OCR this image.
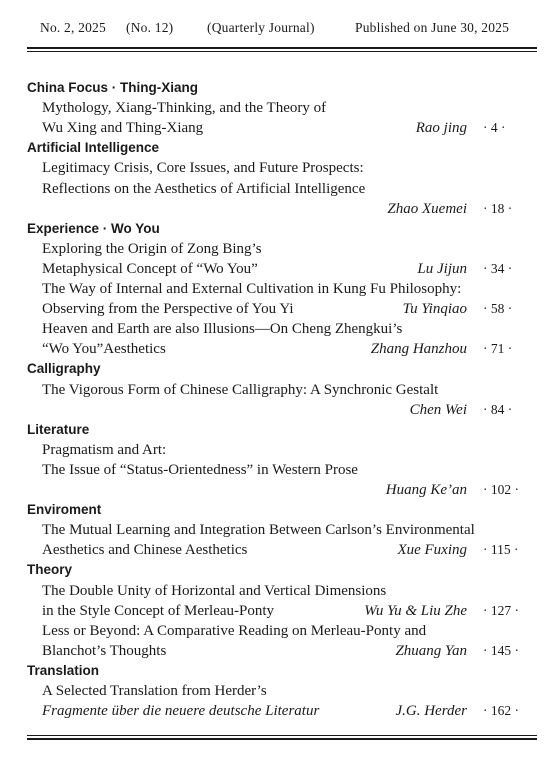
No. 2, 2025 (No. 12) (Quarterly Journal)	Published on June 30, 2025
China Focus · Thing-Xiang
Mythology, Xiang-Thinking, and the Theory of
Wu Xing and Thing-Xiang	Rao jing · 4 ·
Artificial Intelligence
Legitimacy Crisis, Core Issues, and Future Prospects:
Reflections on the Aesthetics of Artificial Intelligence
Zhao Xuemei · 18 ·
Experience · Wo You
Exploring the Origin of Zong Bing’s
Metaphysical Concept of “Wo You”	Lu Jijun · 34 ·
The Way of Internal and External Cultivation in Kung Fu Philosophy:
Observing from the Perspective of You Yi	Tu Yinqiao · 58 ·
Heaven and Earth are also Illusions—On Cheng Zhengkui’s
“Wo You”Aesthetics	Zhang Hanzhou · 71 ·
Calligraphy
The Vigorous Form of Chinese Calligraphy: A Synchronic Gestalt
Chen Wei · 84 ·
Literature
Pragmatism and Art:
The Issue of “Status-Orientedness” in Western Prose
Huang Ke’an · 102 ·
Enviroment
The Mutual Learning and Integration Between Carlson’s Environmental
Aesthetics and Chinese Aesthetics	Xue Fuxing · 115 ·
Theory
The Double Unity of Horizontal and Vertical Dimensions
in the Style Concept of Merleau-Ponty	Wu Yu & Liu Zhe · 127 ·
Less or Beyond: A Comparative Reading on Merleau-Ponty and
Blanchot’s Thoughts	Zhuang Yan · 145 ·
Translation
A Selected Translation from Herder’s
Fragmente über die neuere deutsche Literatur	J.G. Herder · 162 ·
